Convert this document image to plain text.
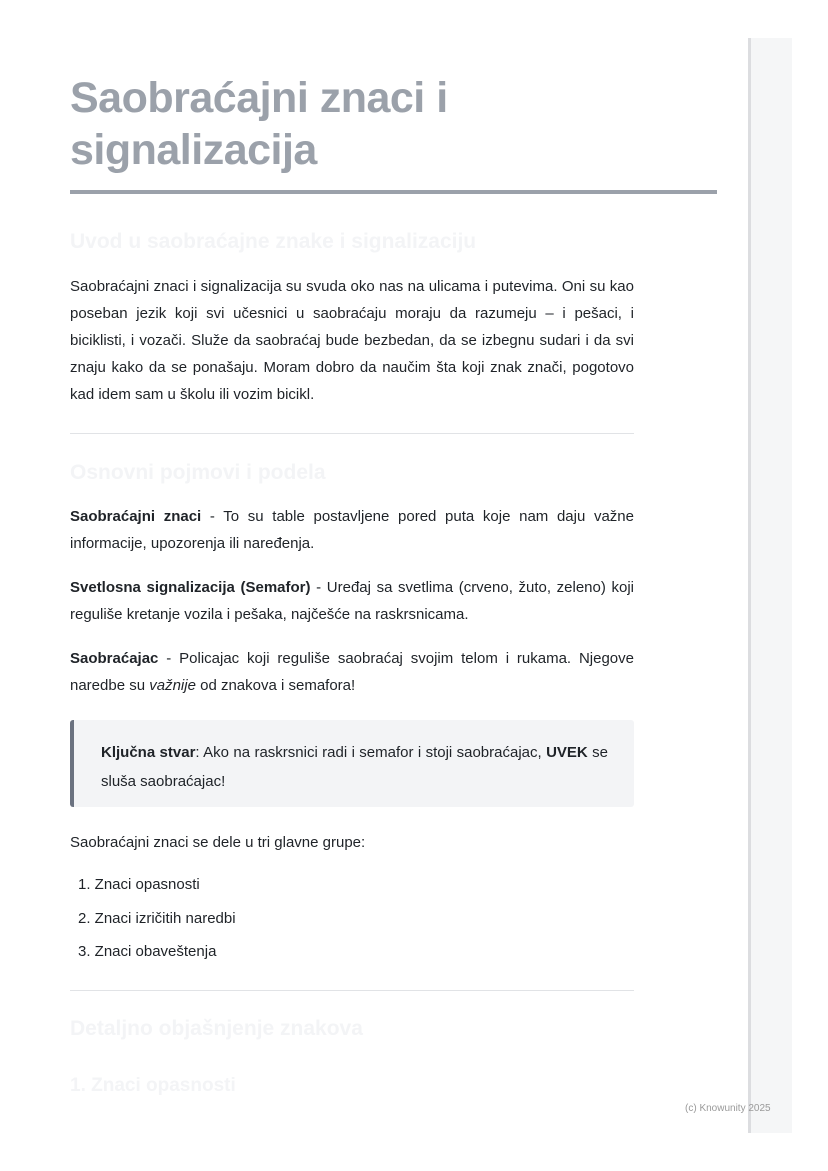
Saobraćajni znaci i signalizacija
Uvod u saobraćajne znake i signalizaciju
Saobraćajni znaci i signalizacija su svuda oko nas na ulicama i putevima. Oni su kao poseban jezik koji svi učesnici u saobraćaju moraju da razumeju – i pešaci, i biciklisti, i vozači. Služe da saobraćaj bude bezbedan, da se izbegnu sudari i da svi znaju kako da se ponašaju. Moram dobro da naučim šta koji znak znači, pogotovo kad idem sam u školu ili vozim bicikl.
Osnovni pojmovi i podela
Saobraćajni znaci - To su table postavljene pored puta koje nam daju važne informacije, upozorenja ili naređenja.
Svetlosna signalizacija (Semafor) - Uređaj sa svetlima (crveno, žuto, zeleno) koji reguliše kretanje vozila i pešaka, najčešće na raskrsnicama.
Saobraćajac - Policajac koji reguliše saobraćaj svojim telom i rukama. Njegove naredbe su važnije od znakova i semafora!
Ključna stvar: Ako na raskrsnici radi i semafor i stoji saobraćajac, UVEK se sluša saobraćajac!
Saobraćajni znaci se dele u tri glavne grupe:
1. Znaci opasnosti
2. Znaci izričitih naredbi
3. Znaci obaveštenja
Detaljno objašnjenje znakova
1. Znaci opasnosti
(c) Knowunity 2025
